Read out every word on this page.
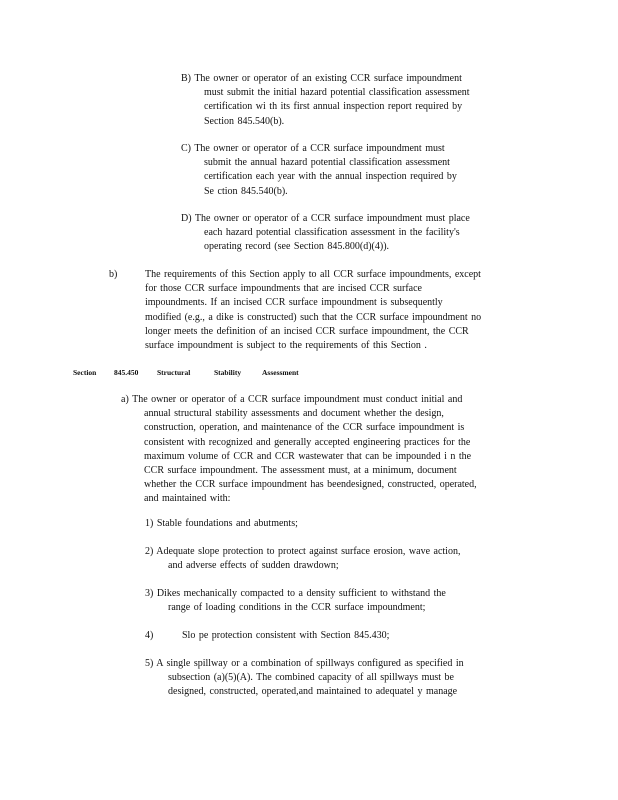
B) The owner or operator of an existing CCR surface impoundment
must submit the initial hazard potential classification assessment
certification wi th its first annual inspection report required by
Section 845.540(b).
C) The owner or operator of a CCR surface impoundment must
submit the annual hazard potential classification assessment
certification each year with the annual inspection required by
Se ction 845.540(b).
D) The owner or operator of a CCR surface impoundment must place
each hazard potential classification assessment in the facility's
operating record (see Section 845.800(d)(4)).
b)	The requirements of this Section apply to all CCR surface impoundments, except
for those CCR surface impoundments that are incised CCR surface
impoundments. If an incised CCR surface impoundment is subsequently
modified (e.g., a dike is constructed) such that the CCR surface impoundment no
longer meets the definition of an incised CCR surface impoundment, the CCR
surface impoundment is subject to the requirements of this Section .
Section 845.450 Structural	Stability	Assessment
a) The owner or operator of a CCR surface impoundment must conduct initial and
annual structural stability assessments and document whether the design,
construction, operation, and maintenance of the CCR surface impoundment is
consistent with recognized and generally accepted engineering practices for the
maximum volume of CCR and CCR wastewater that can be impounded i n the
CCR surface impoundment. The assessment must, at a minimum, document
whether the CCR surface impoundment has beendesigned, constructed, operated,
and maintained with:
1) Stable foundations and abutments;
2) Adequate slope protection to protect against surface erosion, wave action,
and adverse effects of sudden drawdown;
3) Dikes mechanically compacted to a density sufficient to withstand the
range of loading conditions in the CCR surface impoundment;
4)	Slo pe protection consistent with Section 845.430;
5) A single spillway or a combination of spillways configured as specified in
subsection (a)(5)(A). The combined capacity of all spillways must be
designed, constructed, operated,and maintained to adequatel y manage
